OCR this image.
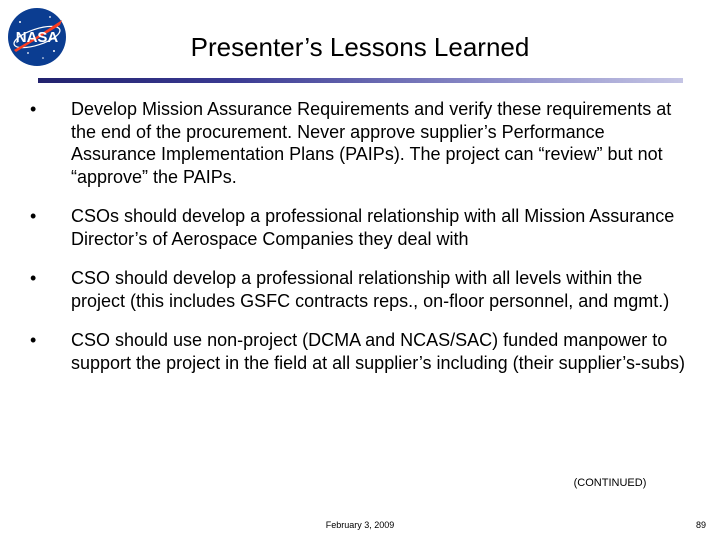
NASA	Presenter’s Lessons Learned
•	Develop Mission Assurance Requirements and verify these requirements at the end of the procurement. Never approve supplier’s Performance Assurance Implementation Plans (PAIPs). The project can “review” but not “approve” the PAIPs.
•	CSOs should develop a professional relationship with all Mission Assurance Director’s of Aerospace Companies they deal with
•	CSO should develop a professional relationship with all levels within the project (this includes GSFC contracts reps., on-floor personnel, and mgmt.)
•	CSO should use non-project (DCMA and NCAS/SAC) funded manpower to support the project in the field at all supplier’s including (their supplier’s-subs)
(CONTINUED)
February 3, 2009	89
